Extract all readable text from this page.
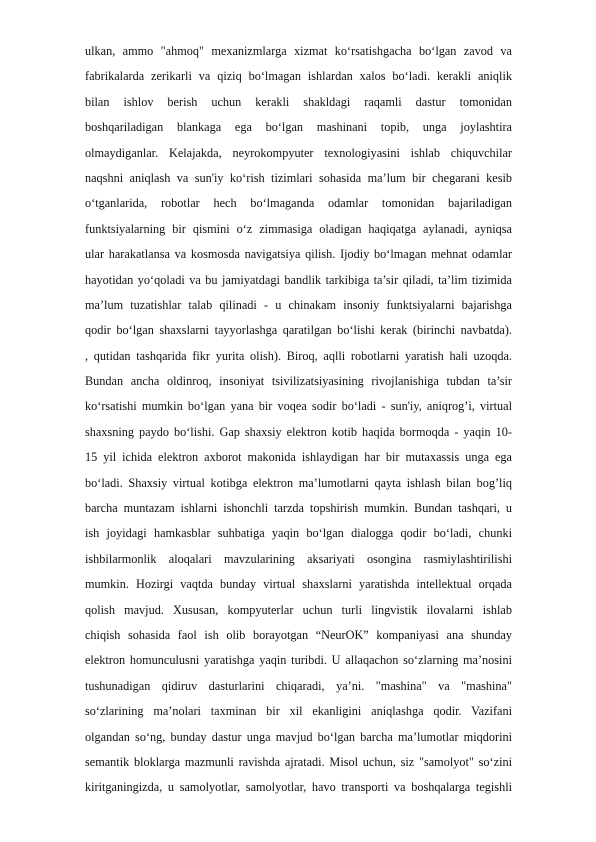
ulkan, ammo "ahmoq" mexanizmlarga xizmat ko‘rsatishgacha bo‘lgan zavod va
fabrikalarda zerikarli va qiziq bo‘lmagan ishlardan xalos bo‘ladi. kerakli aniqlik
bilan ishlov berish uchun kerakli shakldagi raqamli dastur tomonidan
boshqariladigan blankaga ega bo‘lgan mashinani topib, unga joylashtira
olmaydiganlar. Kelajakda, neyrokompyuter texnologiyasini ishlab chiquvchilar
naqshni aniqlash va sun'iy ko‘rish tizimlari sohasida ma’lum bir chegarani kesib
o‘tganlarida, robotlar hech bo‘lmaganda odamlar tomonidan bajariladigan
funktsiyalarning bir qismini o‘z zimmasiga oladigan haqiqatga aylanadi, ayniqsa
ular harakatlansa va kosmosda navigatsiya qilish. Ijodiy bo‘lmagan mehnat odamlar
hayotidan yo‘qoladi va bu jamiyatdagi bandlik tarkibiga ta’sir qiladi, ta’lim tizimida
ma’lum tuzatishlar talab qilinadi - u chinakam insoniy funktsiyalarni bajarishga
qodir bo‘lgan shaxslarni tayyorlashga qaratilgan bo‘lishi kerak (birinchi navbatda).
, qutidan tashqarida fikr yurita olish). Biroq, aqlli robotlarni yaratish hali uzoqda.
Bundan ancha oldinroq, insoniyat tsivilizatsiyasining rivojlanishiga tubdan ta’sir
ko‘rsatishi mumkin bo‘lgan yana bir voqea sodir bo‘ladi - sun'iy, aniqrog’i, virtual
shaxsning paydo bo‘lishi. Gap shaxsiy elektron kotib haqida bormoqda - yaqin 10-
15 yil ichida elektron axborot makonida ishlaydigan har bir mutaxassis unga ega
bo‘ladi. Shaxsiy virtual kotibga elektron ma’lumotlarni qayta ishlash bilan bog’liq
barcha muntazam ishlarni ishonchli tarzda topshirish mumkin. Bundan tashqari, u
ish joyidagi hamkasblar suhbatiga yaqin bo‘lgan dialogga qodir bo‘ladi, chunki
ishbilarmonlik aloqalari mavzularining aksariyati osongina rasmiylashtirilishi
mumkin. Hozirgi vaqtda bunday virtual shaxslarni yaratishda intellektual orqada
qolish mavjud. Xususan, kompyuterlar uchun turli lingvistik ilovalarni ishlab
chiqish sohasida faol ish olib borayotgan “NeurOK” kompaniyasi ana shunday
elektron homunculusni yaratishga yaqin turibdi. U allaqachon so‘zlarning ma’nosini
tushunadigan qidiruv dasturlarini chiqaradi, ya’ni. "mashina" va "mashina"
so‘zlarining ma’nolari taxminan bir xil ekanligini aniqlashga qodir. Vazifani
olgandan so‘ng, bunday dastur unga mavjud bo‘lgan barcha ma’lumotlar miqdorini
semantik bloklarga mazmunli ravishda ajratadi. Misol uchun, siz "samolyot" so‘zini
kiritganingizda, u samolyotlar, samolyotlar, havo transporti va boshqalarga tegishli
